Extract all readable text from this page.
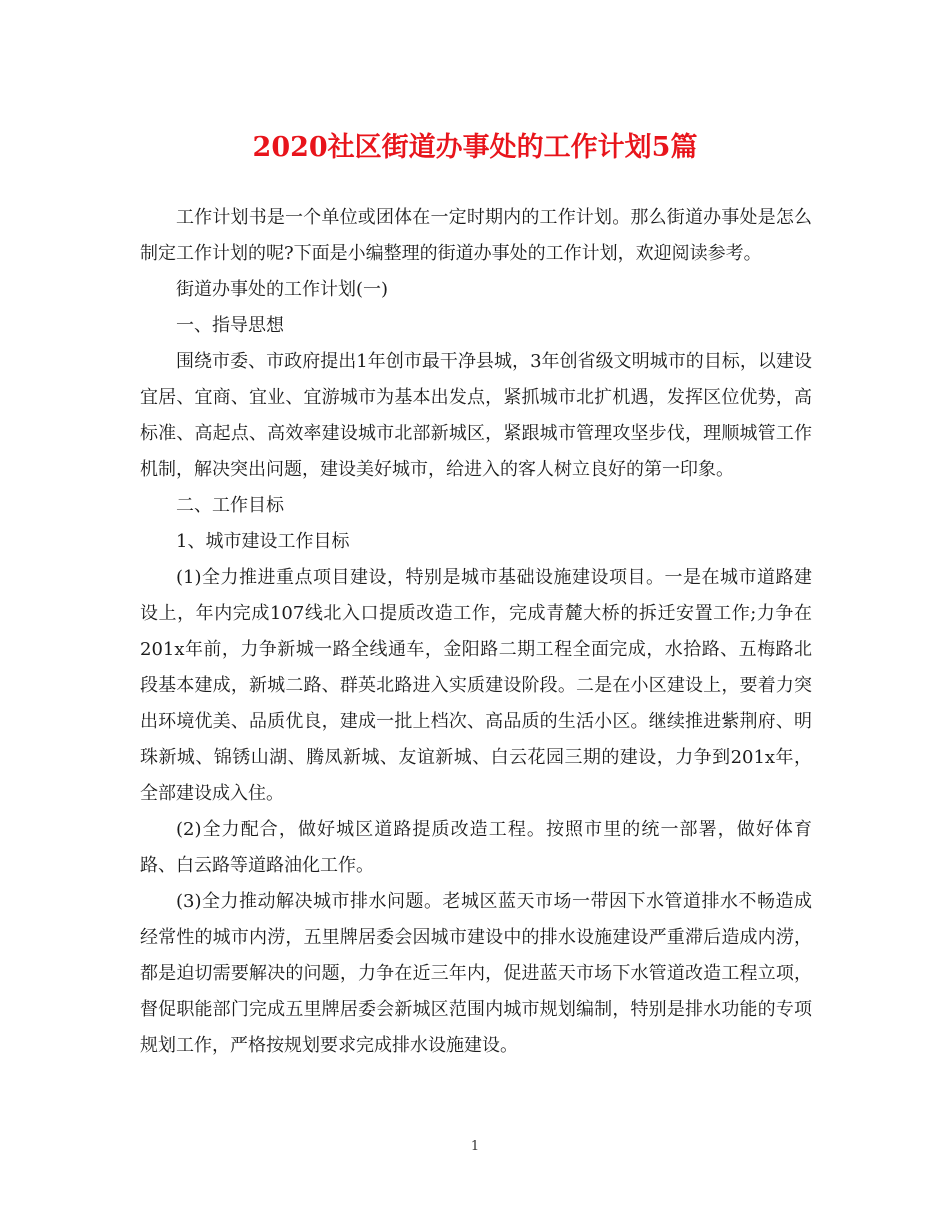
2020社区街道办事处的工作计划5篇

工作计划书是一个单位或团体在一定时期内的工作计划。那么街道办事处是怎么制定工作计划的呢?下面是小编整理的街道办事处的工作计划，欢迎阅读参考。

街道办事处的工作计划(一)

一、指导思想

围绕市委、市政府提出1年创市最干净县城，3年创省级文明城市的目标，以建设宜居、宜商、宜业、宜游城市为基本出发点，紧抓城市北扩机遇，发挥区位优势，高标准、高起点、高效率建设城市北部新城区，紧跟城市管理攻坚步伐，理顺城管工作机制，解决突出问题，建设美好城市，给进入的客人树立良好的第一印象。

二、工作目标

1、城市建设工作目标

(1)全力推进重点项目建设，特别是城市基础设施建设项目。一是在城市道路建设上，年内完成107线北入口提质改造工作，完成青麓大桥的拆迁安置工作;力争在201x年前，力争新城一路全线通车，金阳路二期工程全面完成，水拾路、五梅路北段基本建成，新城二路、群英北路进入实质建设阶段。二是在小区建设上，要着力突出环境优美、品质优良，建成一批上档次、高品质的生活小区。继续推进紫荆府、明珠新城、锦锈山湖、腾凤新城、友谊新城、白云花园三期的建设，力争到201x年，全部建设成入住。

(2)全力配合，做好城区道路提质改造工程。按照市里的统一部署，做好体育路、白云路等道路油化工作。

(3)全力推动解决城市排水问题。老城区蓝天市场一带因下水管道排水不畅造成经常性的城市内涝，五里牌居委会因城市建设中的排水设施建设严重滞后造成内涝，都是迫切需要解决的问题，力争在近三年内，促进蓝天市场下水管道改造工程立项，督促职能部门完成五里牌居委会新城区范围内城市规划编制，特别是排水功能的专项规划工作，严格按规划要求完成排水设施建设。

1
